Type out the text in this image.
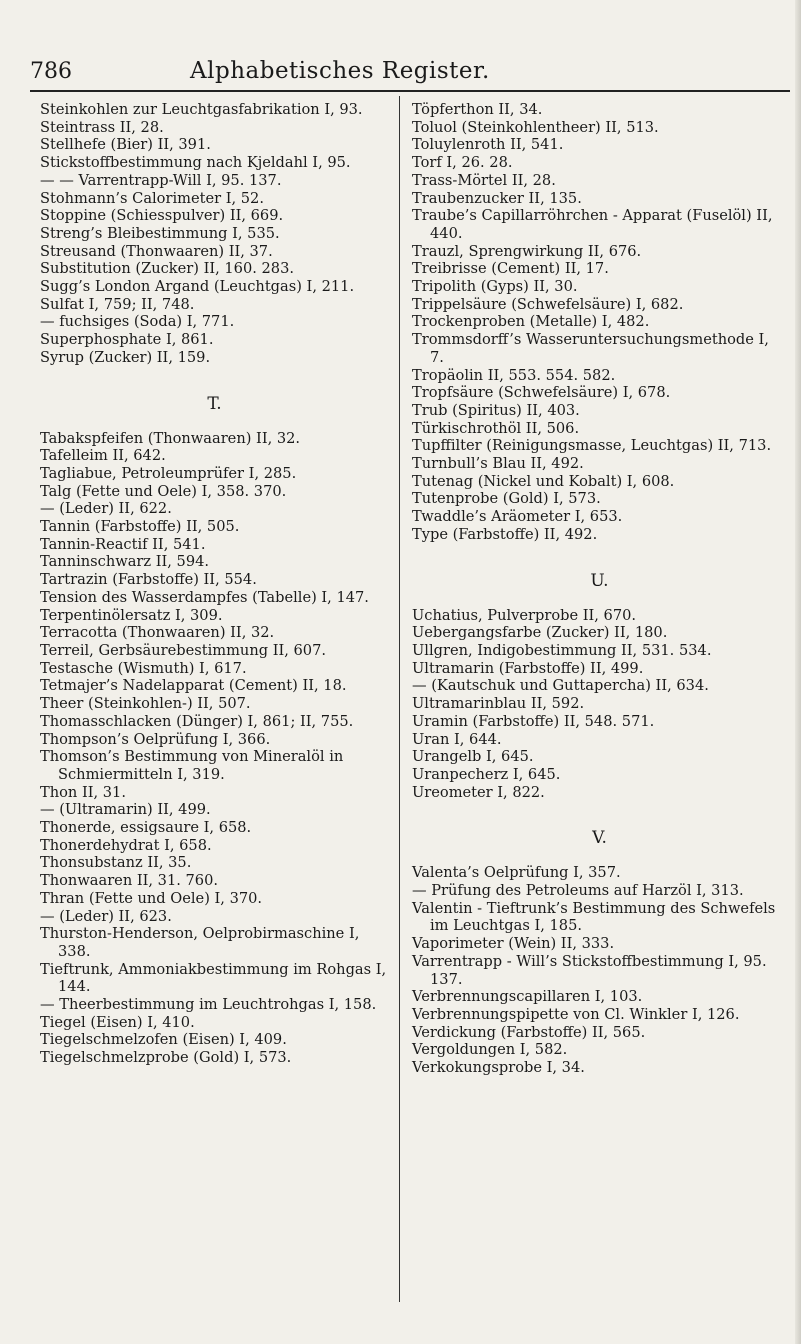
786	Alphabetisches Register.
Steinkohlen zur Leuchtgasfabrikation I, 93.
Steintrass II, 28.
Stellhefe (Bier) II, 391.
Stickstoffbestimmung nach Kjeldahl I, 95.
— — Varrentrapp-Will I, 95. 137.
Stohmann’s Calorimeter I, 52.
Stoppine (Schiesspulver) II, 669.
Streng’s Bleibestimmung I, 535.
Streusand (Thonwaaren) II, 37.
Substitution (Zucker) II, 160. 283.
Sugg’s London Argand (Leuchtgas) I, 211.
Sulfat I, 759; II, 748.
— fuchsiges (Soda) I, 771.
Superphosphate I, 861.
Syrup (Zucker) II, 159.
T.
Tabakspfeifen (Thonwaaren) II, 32.
Tafelleim II, 642.
Tagliabue, Petroleumprüfer I, 285.
Talg (Fette und Oele) I, 358. 370.
— (Leder) II, 622.
Tannin (Farbstoffe) II, 505.
Tannin-Reactif II, 541.
Tanninschwarz II, 594.
Tartrazin (Farbstoffe) II, 554.
Tension des Wasserdampfes (Tabelle) I, 147.
Terpentinölersatz I, 309.
Terracotta (Thonwaaren) II, 32.
Terreil, Gerbsäurebestimmung II, 607.
Testasche (Wismuth) I, 617.
Tetmajer’s Nadelapparat (Cement) II, 18.
Theer (Steinkohlen-) II, 507.
Thomasschlacken (Dünger) I, 861; II, 755.
Thompson’s Oelprüfung I, 366.
Thomson’s Bestimmung von Mineralöl in Schmiermitteln I, 319.
Thon II, 31.
— (Ultramarin) II, 499.
Thonerde, essigsaure I, 658.
Thonerdehydrat I, 658.
Thonsubstanz II, 35.
Thonwaaren II, 31. 760.
Thran (Fette und Oele) I, 370.
— (Leder) II, 623.
Thurston-Henderson, Oelprobirmaschine I, 338.
Tieftrunk, Ammoniakbestimmung im Rohgas I, 144.
— Theerbestimmung im Leuchtrohgas I, 158.
Tiegel (Eisen) I, 410.
Tiegelschmelzofen (Eisen) I, 409.
Tiegelschmelzprobe (Gold) I, 573.
Töpferthon II, 34.
Toluol (Steinkohlentheer) II, 513.
Toluylenroth II, 541.
Torf I, 26. 28.
Trass-Mörtel II, 28.
Traubenzucker II, 135.
Traube’s Capillarröhrchen - Apparat (Fuselöl) II, 440.
Trauzl, Sprengwirkung II, 676.
Treibrisse (Cement) II, 17.
Tripolith (Gyps) II, 30.
Trippelsäure (Schwefelsäure) I, 682.
Trockenproben (Metalle) I, 482.
Trommsdorff’s Wasseruntersuchungsmethode I, 7.
Tropäolin II, 553. 554. 582.
Tropfsäure (Schwefelsäure) I, 678.
Trub (Spiritus) II, 403.
Türkischrothöl II, 506.
Tupffilter (Reinigungsmasse, Leuchtgas) II, 713.
Turnbull’s Blau II, 492.
Tutenag (Nickel und Kobalt) I, 608.
Tutenprobe (Gold) I, 573.
Twaddle’s Aräometer I, 653.
Type (Farbstoffe) II, 492.
U.
Uchatius, Pulverprobe II, 670.
Uebergangsfarbe (Zucker) II, 180.
Ullgren, Indigobestimmung II, 531. 534.
Ultramarin (Farbstoffe) II, 499.
— (Kautschuk und Guttapercha) II, 634.
Ultramarinblau II, 592.
Uramin (Farbstoffe) II, 548. 571.
Uran I, 644.
Urangelb I, 645.
Uranpecherz I, 645.
Ureometer I, 822.
V.
Valenta’s Oelprüfung I, 357.
— Prüfung des Petroleums auf Harzöl I, 313.
Valentin - Tieftrunk’s Bestimmung des Schwefels im Leuchtgas I, 185.
Vaporimeter (Wein) II, 333.
Varrentrapp - Will’s Stickstoffbestimmung I, 95. 137.
Verbrennungscapillaren I, 103.
Verbrennungspipette von Cl. Winkler I, 126.
Verdickung (Farbstoffe) II, 565.
Vergoldungen I, 582.
Verkokungsprobe I, 34.
